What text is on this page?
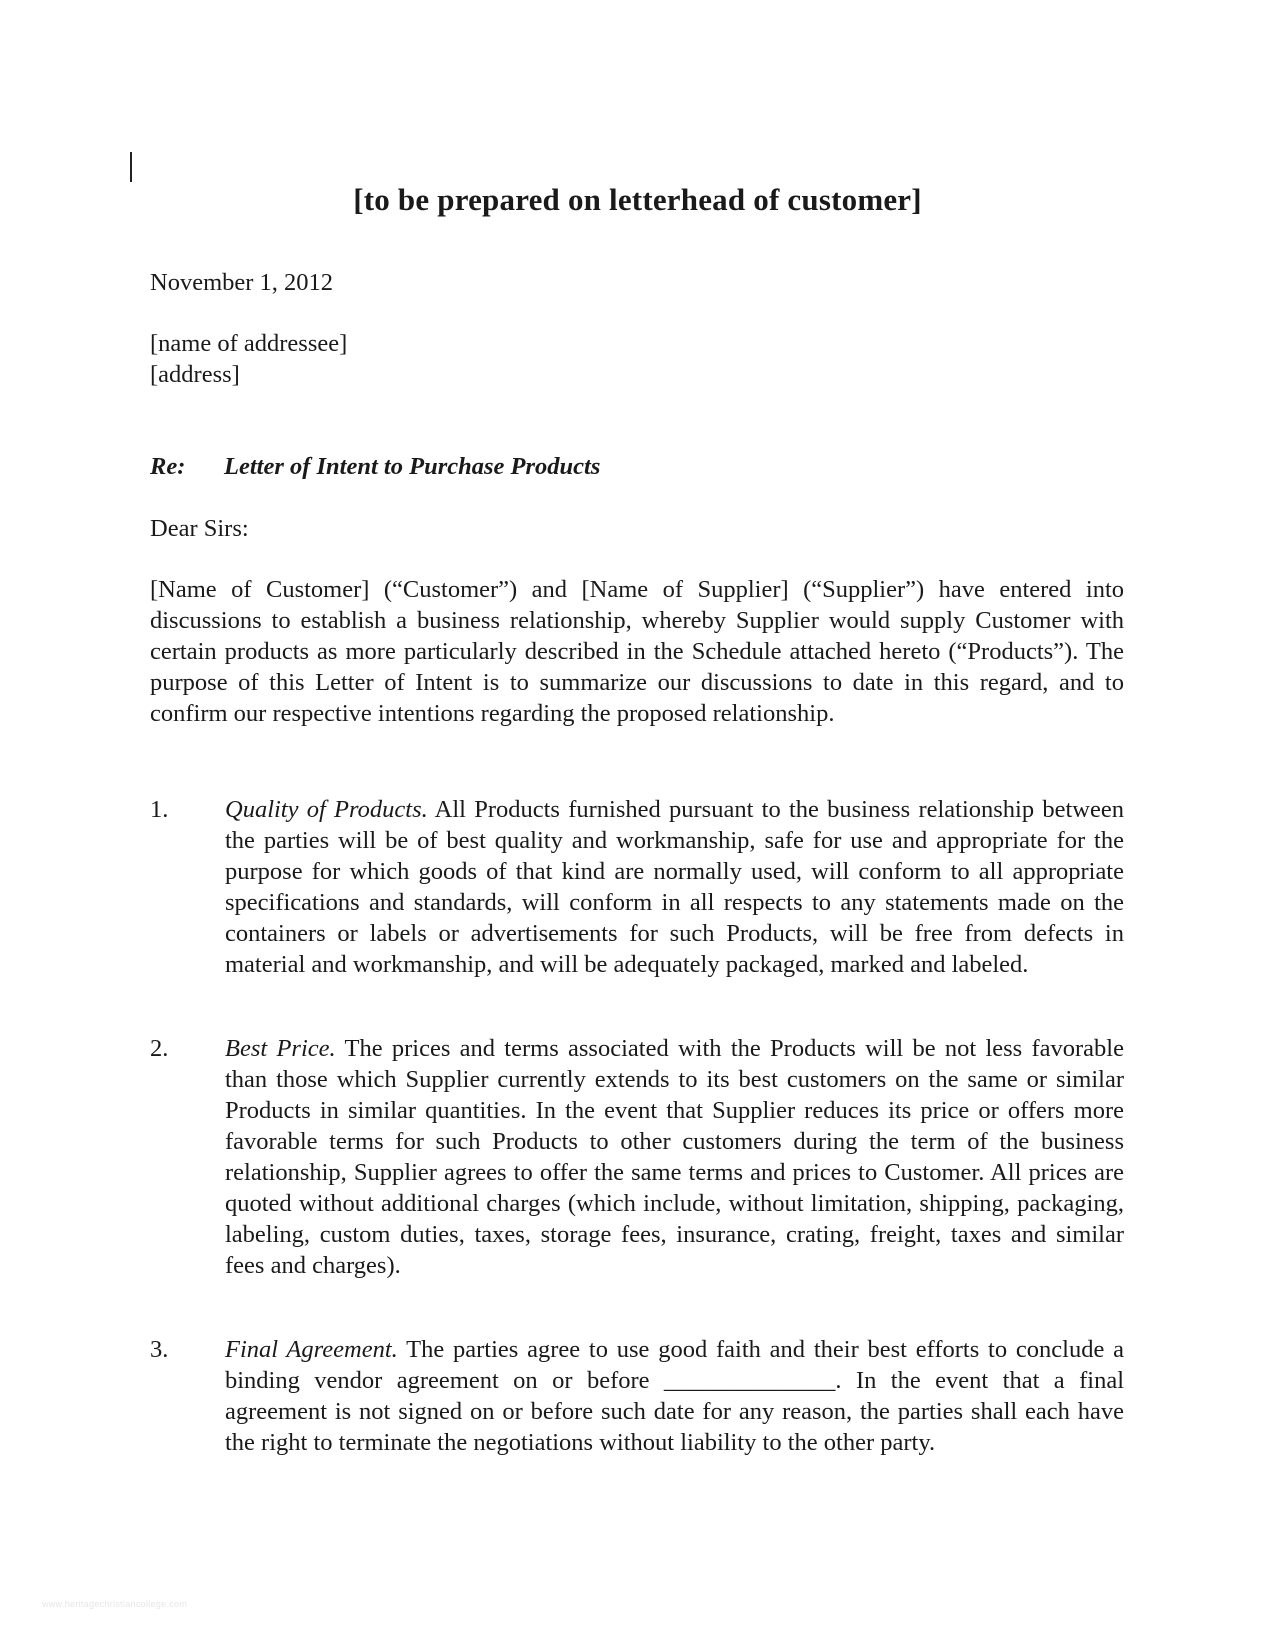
[to be prepared on letterhead of customer]
November 1, 2012
[name of addressee]
[address]
Re: Letter of Intent to Purchase Products
Dear Sirs:
[Name of Customer] (“Customer”) and [Name of Supplier] (“Supplier”) have entered into discussions to establish a business relationship, whereby Supplier would supply Customer with certain products as more particularly described in the Schedule attached hereto (“Products”). The purpose of this Letter of Intent is to summarize our discussions to date in this regard, and to confirm our respective intentions regarding the proposed relationship.
1. Quality of Products. All Products furnished pursuant to the business relationship between the parties will be of best quality and workmanship, safe for use and appropriate for the purpose for which goods of that kind are normally used, will conform to all appropriate specifications and standards, will conform in all respects to any statements made on the containers or labels or advertisements for such Products, will be free from defects in material and workmanship, and will be adequately packaged, marked and labeled.
2. Best Price. The prices and terms associated with the Products will be not less favorable than those which Supplier currently extends to its best customers on the same or similar Products in similar quantities. In the event that Supplier reduces its price or offers more favorable terms for such Products to other customers during the term of the business relationship, Supplier agrees to offer the same terms and prices to Customer. All prices are quoted without additional charges (which include, without limitation, shipping, packaging, labeling, custom duties, taxes, storage fees, insurance, crating, freight, taxes and similar fees and charges).
3. Final Agreement. The parties agree to use good faith and their best efforts to conclude a binding vendor agreement on or before ______________. In the event that a final agreement is not signed on or before such date for any reason, the parties shall each have the right to terminate the negotiations without liability to the other party.
www.heritagechristiancollege.com
